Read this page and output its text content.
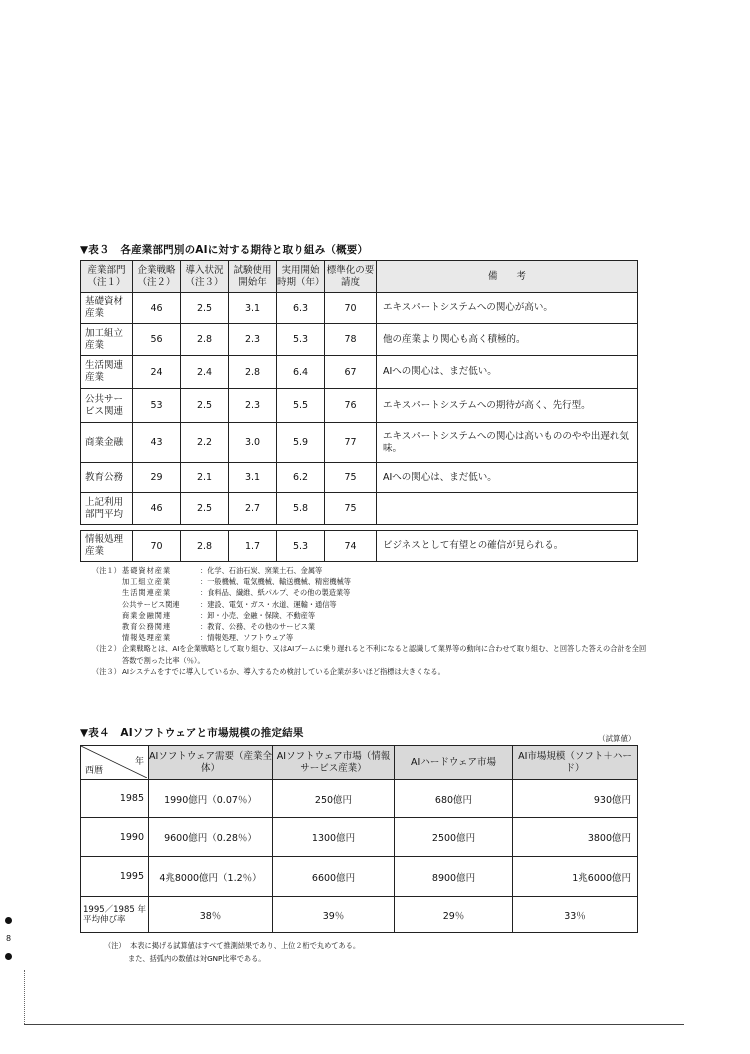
▼表３　各産業部門別のAIに対する期待と取り組み（概要）
産業部門（注１）	企業戦略（注２）	導入状況（注３）	試験使用開始年	実用開始時期（年）	標準化の要請度	備　　考
基礎資材産業	46	2.5	3.1	6.3	70	エキスパートシステムへの関心が高い。
加工組立産業	56	2.8	2.3	5.3	78	他の産業より関心も高く積極的。
生活関連産業	24	2.4	2.8	6.4	67	AIへの関心は、まだ低い。
公共サービス関連	53	2.5	2.3	5.5	76	エキスパートシステムへの期待が高く、先行型。
商業金融	43	2.2	3.0	5.9	77	エキスパートシステムへの関心は高いもののやや出遅れ気味。
教育公務	29	2.1	3.1	6.2	75	AIへの関心は、まだ低い。
上記利用部門平均	46	2.5	2.7	5.8	75	

情報処理産業	70	2.8	1.7	5.3	74	ビジネスとして有望との確信が見られる。
（注１） 基礎資材産業	：化学、石油石炭、窯業土石、金属等
加工組立産業	：一般機械、電気機械、輸送機械、精密機械等
生活関連産業	：食料品、繊維、紙パルプ、その他の製造業等
公共サービス関連	：建設、電気・ガス・水道、運輸・通信等
商業金融関連	：卸・小売、金融・保険、不動産等
教育公務関連	：教育、公務、その他のサービス業
情報処理産業	：情報処理、ソフトウェア等
（注２） 企業戦略とは、AIを企業戦略として取り組む、又はAIブームに乗り遅れると不利になると認識して業界等の動向に合わせて取り組む、と回答した答えの合計を全回答数で割った比率（％）。
（注３） AIシステムをすでに導入しているか、導入するため検討している企業が多いほど指標は大きくなる。
▼表４　AIソフトウェアと市場規模の推定結果	（試算値）
年
西暦	AIソフトウェア需要（産業全体）	AIソフトウェア市場（情報サービス産業）	AIハードウェア市場	AI市場規模（ソフト＋ハード）
1985	1990億円（0.07％）	250億円	680億円	930億円
1990	9600億円（0.28％）	1300億円	2500億円	3800億円
1995	4兆8000億円（1.2％）	6600億円	8900億円	1兆6000億円
1995／1985 年平均伸び率	38％	39％	29％	33％
（注） 本表に掲げる試算値はすべて推測結果であり、上位２桁で丸めてある。
また、括弧内の数値は対GNP比率である。
8
